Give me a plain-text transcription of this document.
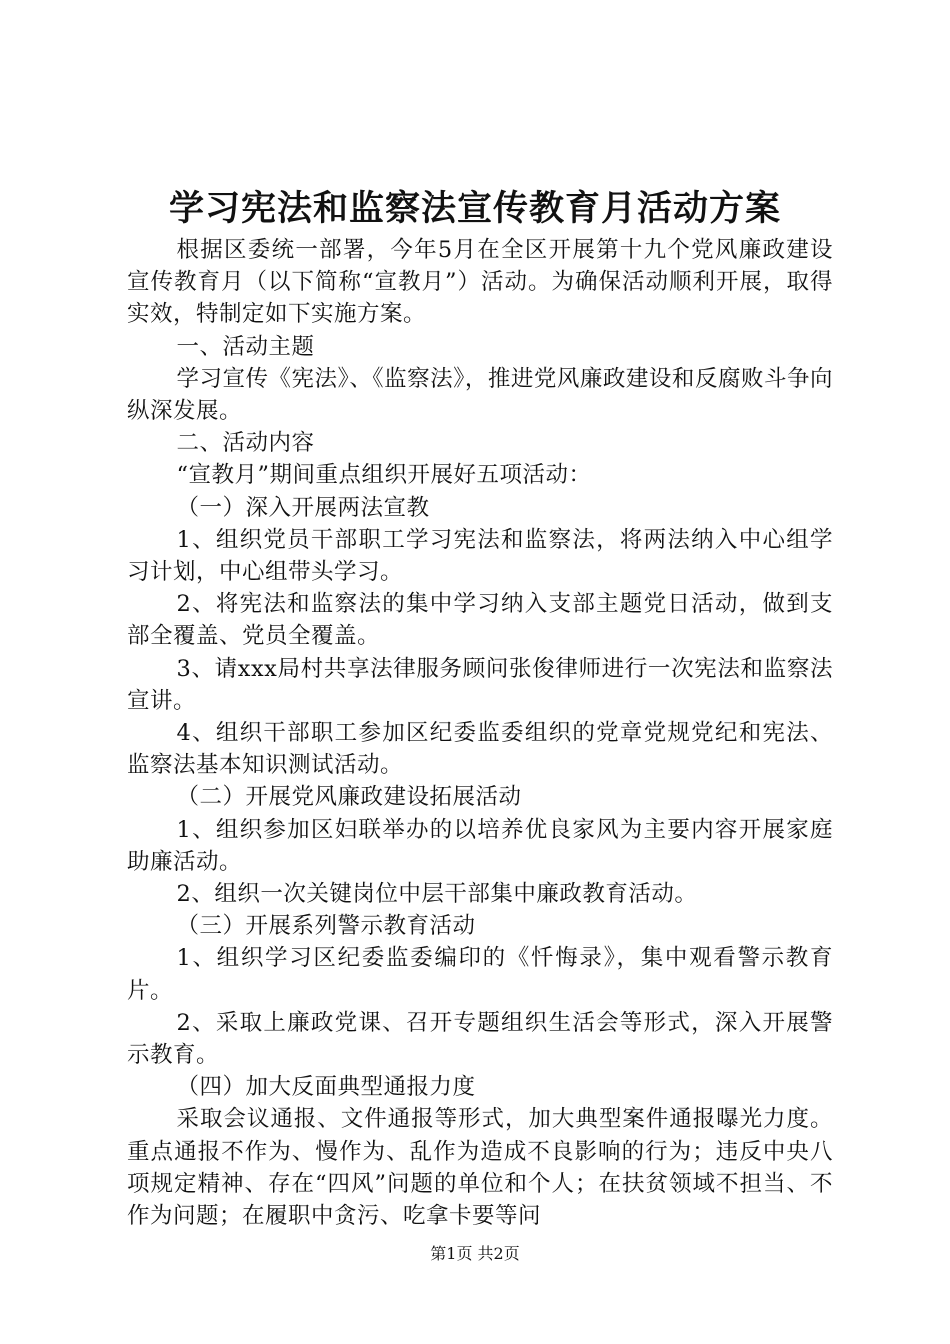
学习宪法和监察法宣传教育月活动方案

根据区委统一部署，今年5月在全区开展第十九个党风廉政建设宣传教育月（以下简称“宣教月”）活动。为确保活动顺利开展，取得实效，特制定如下实施方案。

一、活动主题

学习宣传《宪法》、《监察法》，推进党风廉政建设和反腐败斗争向纵深发展。

二、活动内容

“宣教月”期间重点组织开展好五项活动：

（一）深入开展两法宣教

1、组织党员干部职工学习宪法和监察法，将两法纳入中心组学习计划，中心组带头学习。

2、将宪法和监察法的集中学习纳入支部主题党日活动，做到支部全覆盖、党员全覆盖。

3、请xxx局村共享法律服务顾问张俊律师进行一次宪法和监察法宣讲。

4、组织干部职工参加区纪委监委组织的党章党规党纪和宪法、监察法基本知识测试活动。

（二）开展党风廉政建设拓展活动

1、组织参加区妇联举办的以培养优良家风为主要内容开展家庭助廉活动。

2、组织一次关键岗位中层干部集中廉政教育活动。

（三）开展系列警示教育活动

1、组织学习区纪委监委编印的《忏悔录》，集中观看警示教育片。

2、采取上廉政党课、召开专题组织生活会等形式，深入开展警示教育。

（四）加大反面典型通报力度

采取会议通报、文件通报等形式，加大典型案件通报曝光力度。重点通报不作为、慢作为、乱作为造成不良影响的行为；违反中央八项规定精神、存在“四风”问题的单位和个人；在扶贫领域不担当、不作为问题；在履职中贪污、吃拿卡要等问

第1页 共2页
